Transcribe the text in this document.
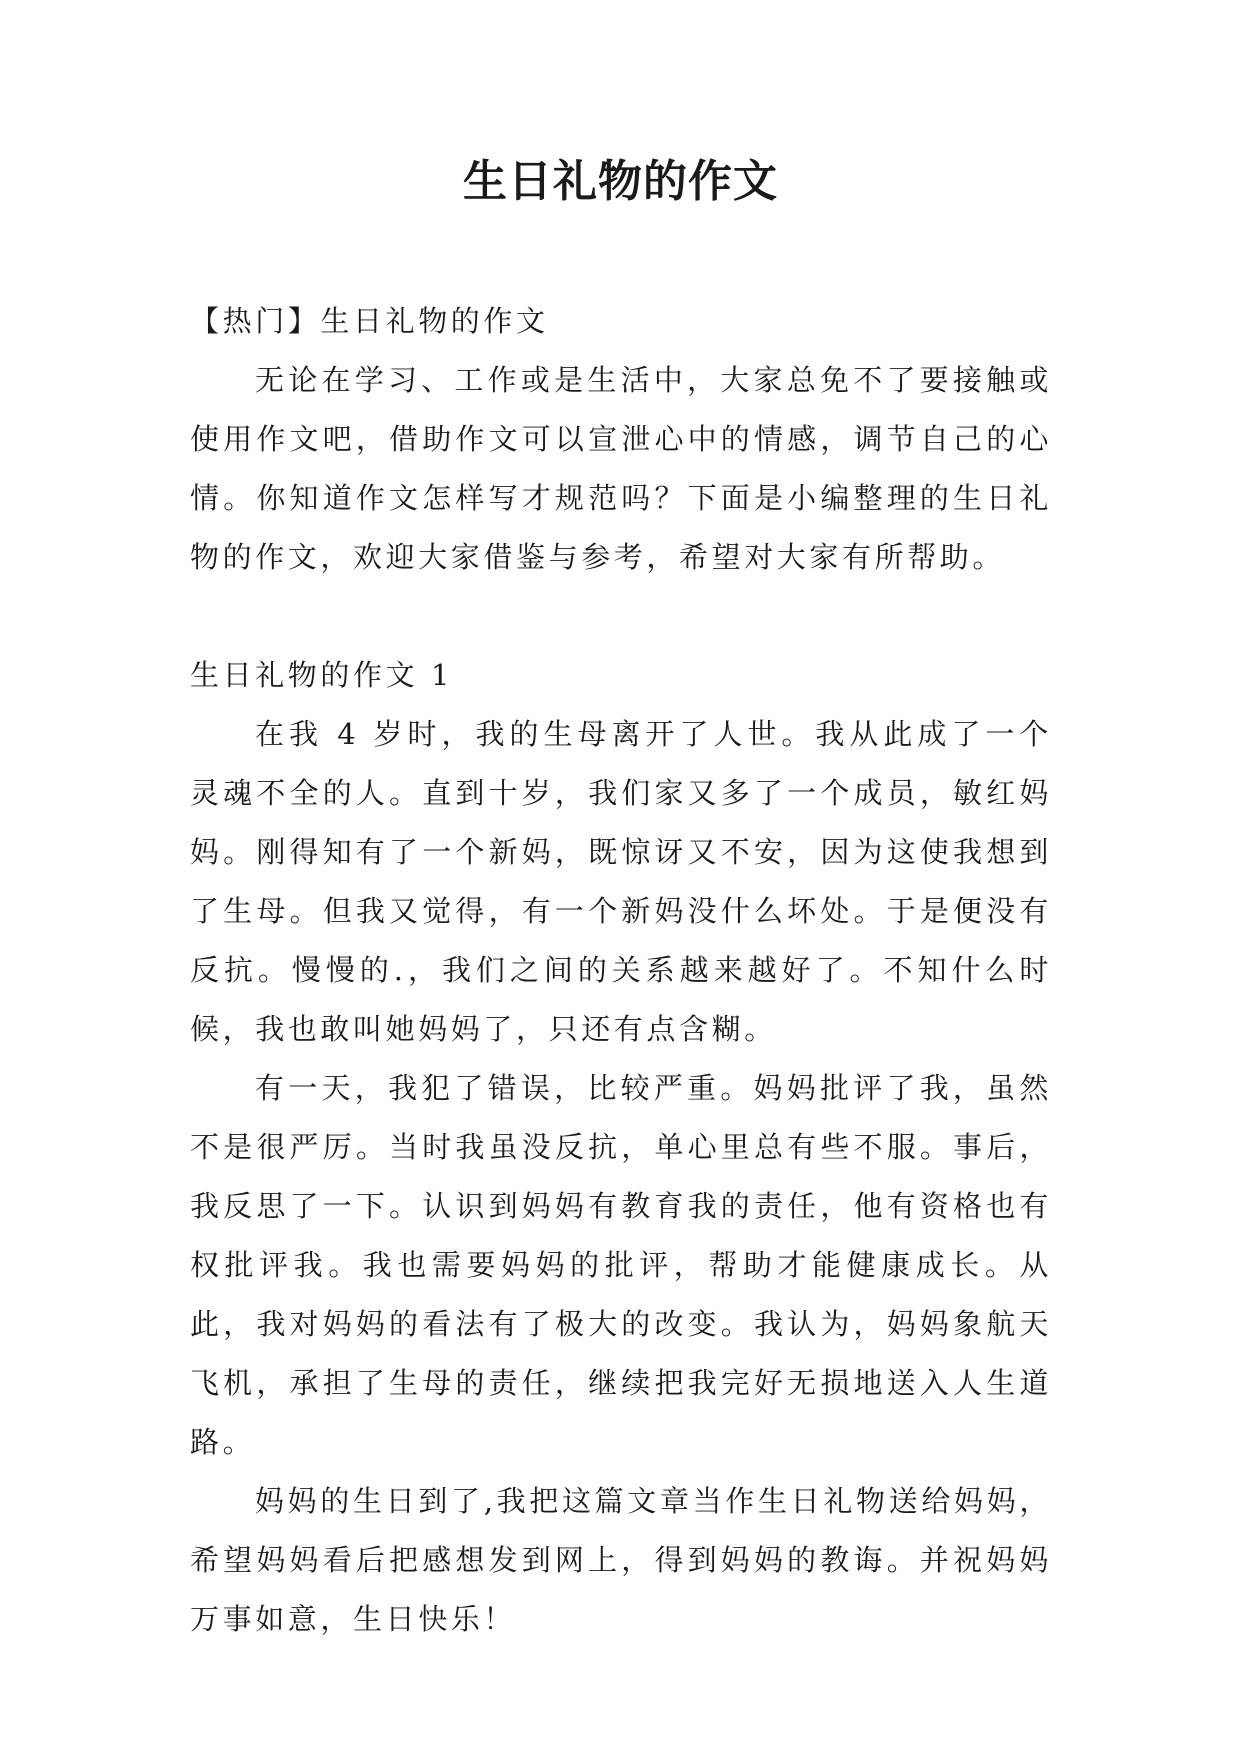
生日礼物的作文

【热门】生日礼物的作文

无论在学习、工作或是生活中，大家总免不了要接触或使用作文吧，借助作文可以宣泄心中的情感，调节自己的心情。你知道作文怎样写才规范吗？下面是小编整理的生日礼物的作文，欢迎大家借鉴与参考，希望对大家有所帮助。

生日礼物的作文 1

在我 4 岁时，我的生母离开了人世。我从此成了一个灵魂不全的人。直到十岁，我们家又多了一个成员，敏红妈妈。刚得知有了一个新妈，既惊讶又不安，因为这使我想到了生母。但我又觉得，有一个新妈没什么坏处。于是便没有反抗。慢慢的.，我们之间的关系越来越好了。不知什么时候，我也敢叫她妈妈了，只还有点含糊。

有一天，我犯了错误，比较严重。妈妈批评了我，虽然不是很严厉。当时我虽没反抗，单心里总有些不服。事后，我反思了一下。认识到妈妈有教育我的责任，他有资格也有权批评我。我也需要妈妈的批评，帮助才能健康成长。从此，我对妈妈的看法有了极大的改变。我认为，妈妈象航天飞机，承担了生母的责任，继续把我完好无损地送入人生道路。

妈妈的生日到了,我把这篇文章当作生日礼物送给妈妈，希望妈妈看后把感想发到网上，得到妈妈的教诲。并祝妈妈万事如意，生日快乐！
